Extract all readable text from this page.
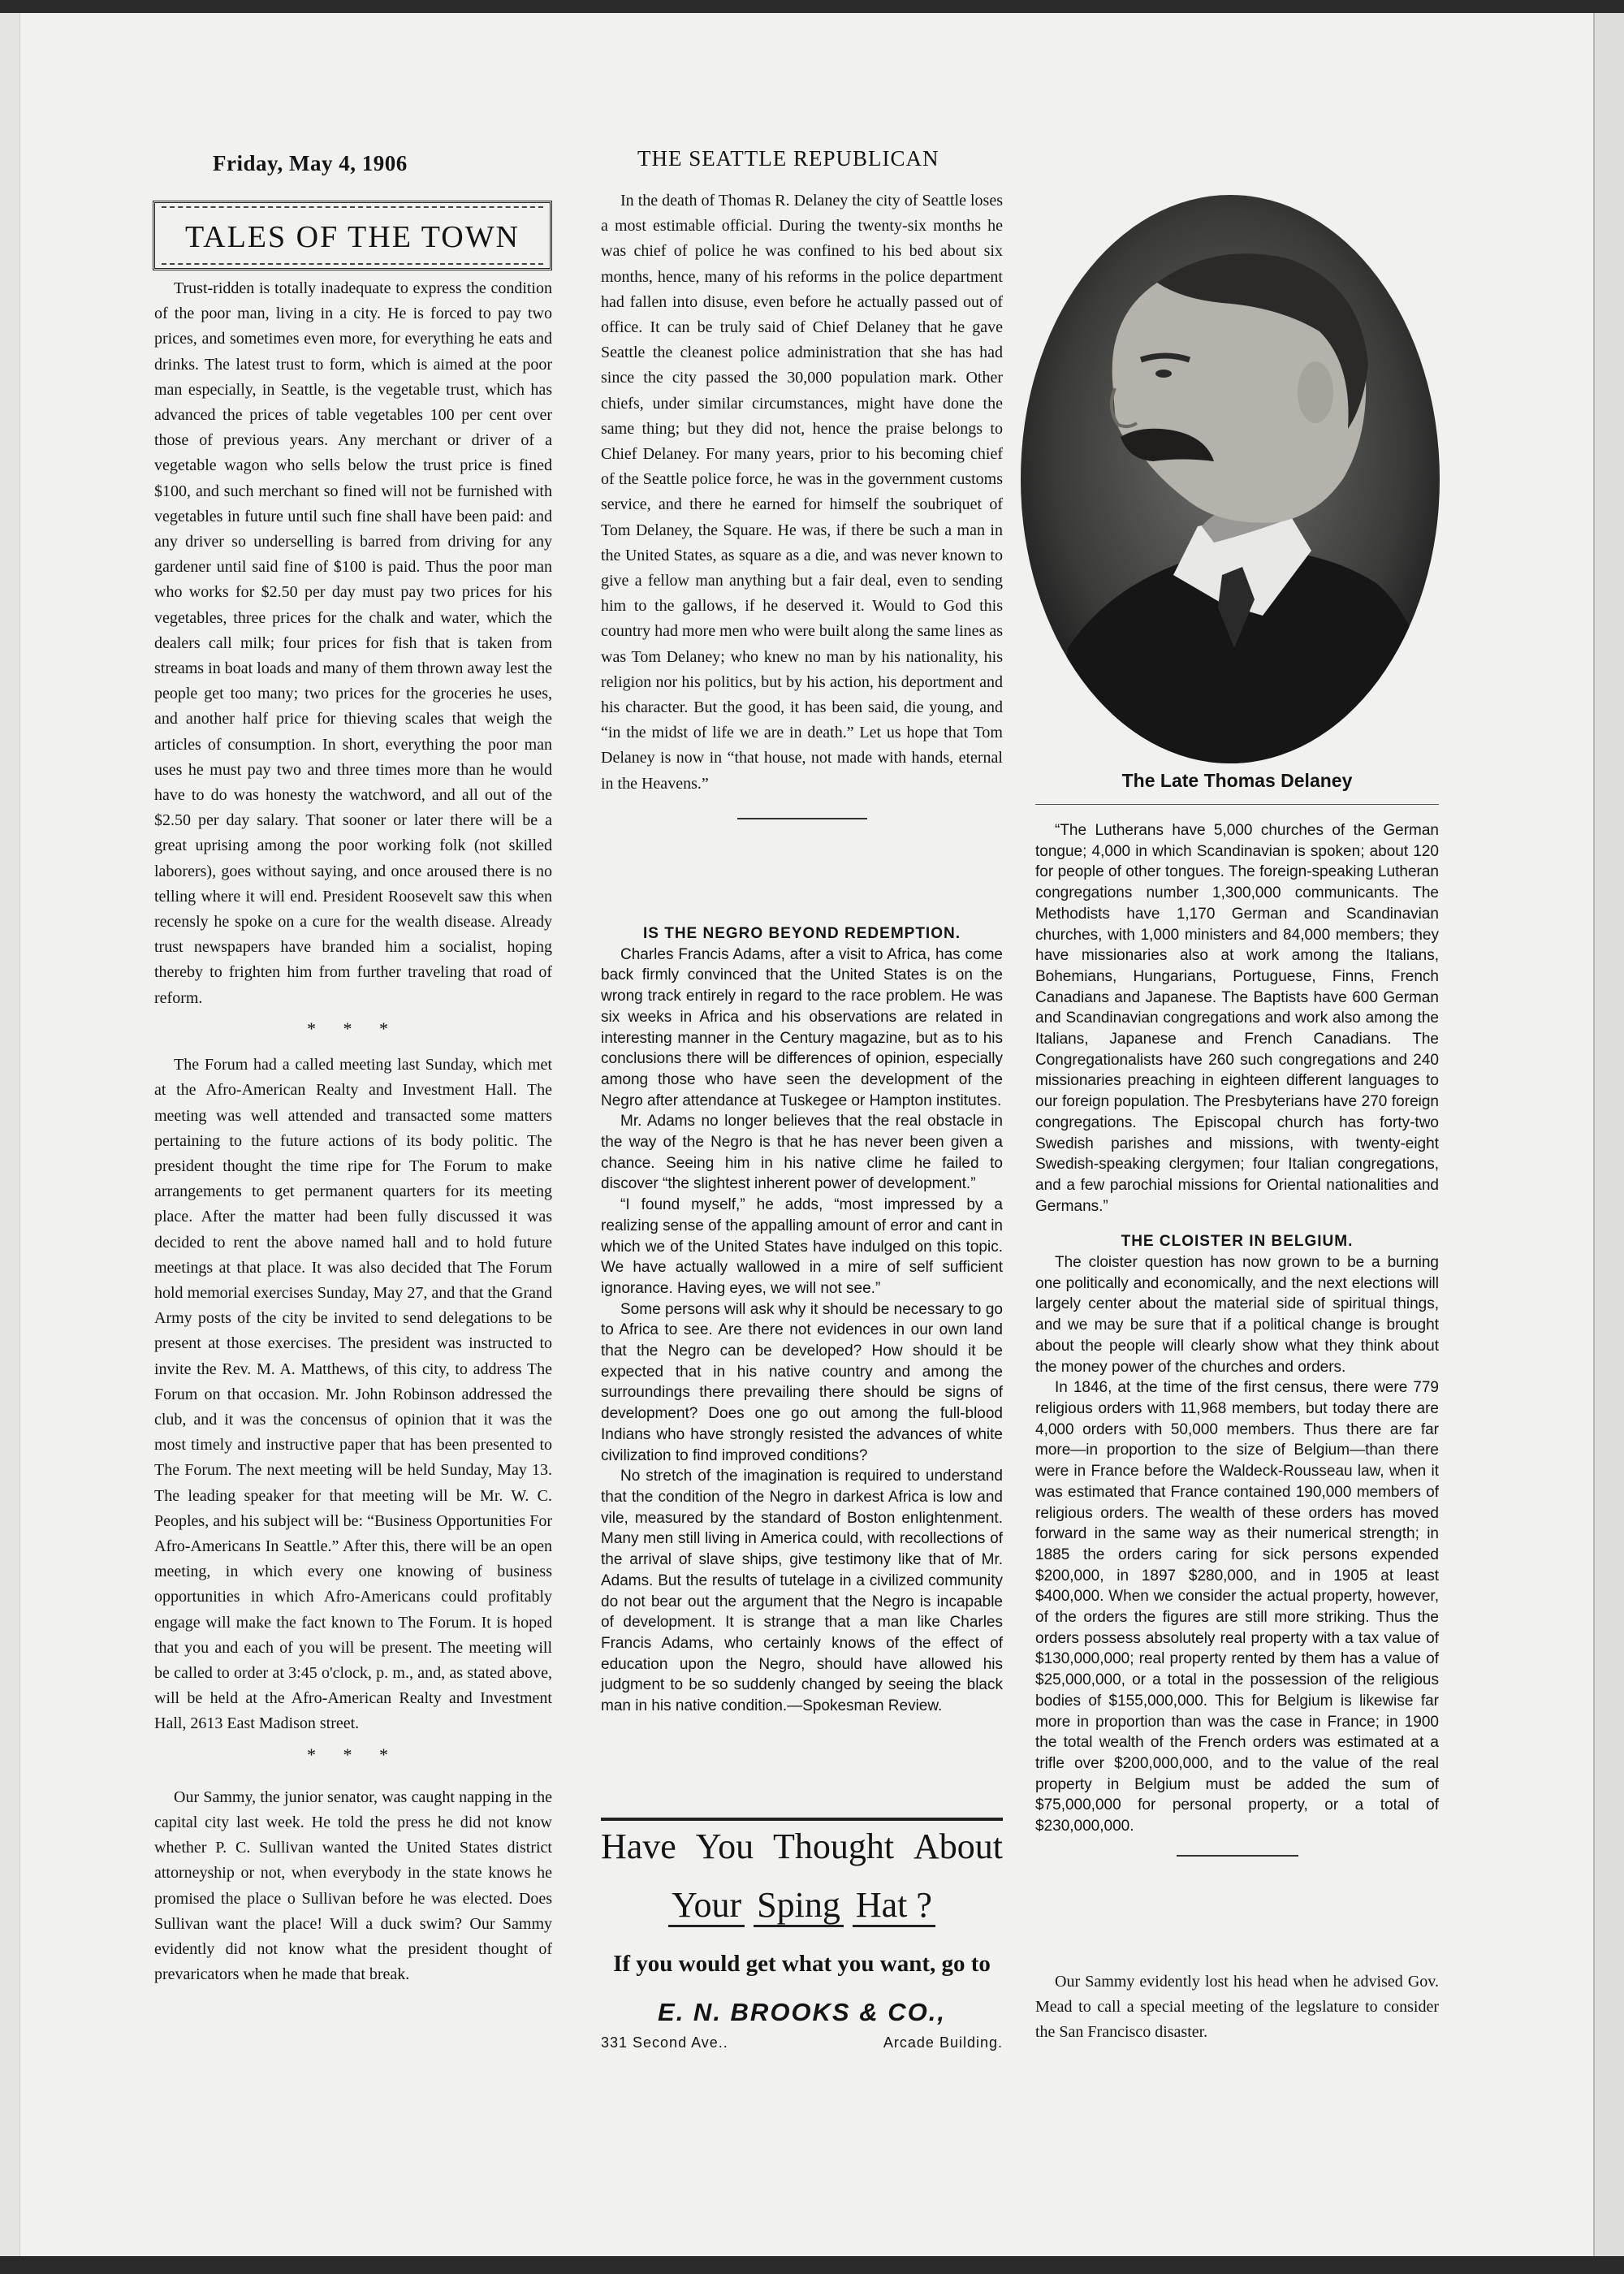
Friday, May 4, 1906	THE SEATTLE REPUBLICAN
TALES OF THE TOWN

Trust-ridden is totally inadequate to express the condition of the poor man, living in a city. He is forced to pay two prices, and sometimes even more, for everything he eats and drinks. The latest trust to form, which is aimed at the poor man especially, in Seattle, is the vegetable trust, which has advanced the prices of table vegetables 100 per cent over those of previous years. Any merchant or driver of a vegetable wagon who sells below the trust price is fined $100, and such merchant so fined will not be furnished with vegetables in future until such fine shall have been paid: and any driver so underselling is barred from driving for any gardener until said fine of $100 is paid. Thus the poor man who works for $2.50 per day must pay two prices for his vegetables, three prices for the chalk and water, which the dealers call milk; four prices for fish that is taken from streams in boat loads and many of them thrown away lest the people get too many; two prices for the groceries he uses, and another half price for thieving scales that weigh the articles of consumption. In short, everything the poor man uses he must pay two and three times more than he would have to do was honesty the watchword, and all out of the $2.50 per day salary. That sooner or later there will be a great uprising among the poor working folk (not skilled laborers), goes without saying, and once aroused there is no telling where it will end. President Roosevelt saw this when recensly he spoke on a cure for the wealth disease. Already trust newspapers have branded him a socialist, hoping thereby to frighten him from further traveling that road of reform.

* * *

The Forum had a called meeting last Sunday, which met at the Afro-American Realty and Investment Hall. The meeting was well attended and transacted some matters pertaining to the future actions of its body politic. The president thought the time ripe for The Forum to make arrangements to get permanent quarters for its meeting place. After the matter had been fully discussed it was decided to rent the above named hall and to hold future meetings at that place. It was also decided that The Forum hold memorial exercises Sunday, May 27, and that the Grand Army posts of the city be invited to send delegations to be present at those exercises. The president was instructed to invite the Rev. M. A. Matthews, of this city, to address The Forum on that occasion. Mr. John Robinson addressed the club, and it was the concensus of opinion that it was the most timely and instructive paper that has been presented to The Forum. The next meeting will be held Sunday, May 13. The leading speaker for that meeting will be Mr. W. C. Peoples, and his subject will be: “Business Opportunities For Afro-Americans In Seattle.” After this, there will be an open meeting, in which every one knowing of business opportunities in which Afro-Americans could profitably engage will make the fact known to The Forum. It is hoped that you and each of you will be present. The meeting will be called to order at 3:45 o'clock, p. m., and, as stated above, will be held at the Afro-American Realty and Investment Hall, 2613 East Madison street.

* * *

Our Sammy, the junior senator, was caught napping in the capital city last week. He told the press he did not know whether P. C. Sullivan wanted the United States district attorneyship or not, when everybody in the state knows he promised the place o Sullivan before he was elected. Does Sullivan want the place! Will a duck swim? Our Sammy evidently did not know what the president thought of prevaricators when he made that break.

In the death of Thomas R. Delaney the city of Seattle loses a most estimable official. During the twenty-six months he was chief of police he was confined to his bed about six months, hence, many of his reforms in the police department had fallen into disuse, even before he actually passed out of office. It can be truly said of Chief Delaney that he gave Seattle the cleanest police administration that she has had since the city passed the 30,000 population mark. Other chiefs, under similar circumstances, might have done the same thing; but they did not, hence the praise belongs to Chief Delaney. For many years, prior to his becoming chief of the Seattle police force, he was in the government customs service, and there he earned for himself the soubriquet of Tom Delaney, the Square. He was, if there be such a man in the United States, as square as a die, and was never known to give a fellow man anything but a fair deal, even to sending him to the gallows, if he deserved it. Would to God this country had more men who were built along the same lines as was Tom Delaney; who knew no man by his nationality, his religion nor his politics, but by his action, his deportment and his character. But the good, it has been said, die young, and “in the midst of life we are in death.” Let us hope that Tom Delaney is now in “that house, not made with hands, eternal in the Heavens.”

IS THE NEGRO BEYOND REDEMPTION.

Charles Francis Adams, after a visit to Africa, has come back firmly convinced that the United States is on the wrong track entirely in regard to the race problem. He was six weeks in Africa and his observations are related in interesting manner in the Century magazine, but as to his conclusions there will be differences of opinion, especially among those who have seen the development of the Negro after attendance at Tuskegee or Hampton institutes.

Mr. Adams no longer believes that the real obstacle in the way of the Negro is that he has never been given a chance. Seeing him in his native clime he failed to discover “the slightest inherent power of development.”

“I found myself,” he adds, “most impressed by a realizing sense of the appalling amount of error and cant in which we of the United States have indulged on this topic. We have actually wallowed in a mire of self sufficient ignorance. Having eyes, we will not see.”

Some persons will ask why it should be necessary to go to Africa to see. Are there not evidences in our own land that the Negro can be developed? How should it be expected that in his native country and among the surroundings there prevailing there should be signs of development? Does one go out among the full-blood Indians who have strongly resisted the advances of white civilization to find improved conditions?

No stretch of the imagination is required to understand that the condition of the Negro in darkest Africa is low and vile, measured by the standard of Boston enlightenment. Many men still living in America could, with recollections of the arrival of slave ships, give testimony like that of Mr. Adams. But the results of tutelage in a civilized community do not bear out the argument that the Negro is incapable of development. It is strange that a man like Charles Francis Adams, who certainly knows of the effect of education upon the Negro, should have allowed his judgment to be so suddenly changed by seeing the black man in his native condition.—Spokesman Review.

Have You Thought About
Your Sping Hat ?
If you would get what you want, go to
E. N. BROOKS & CO.,
331 Second Ave..	Arcade Building.
The Late Thomas Delaney

“The Lutherans have 5,000 churches of the German tongue; 4,000 in which Scandinavian is spoken; about 120 for people of other tongues. The foreign-speaking Lutheran congregations number 1,300,000 communicants. The Methodists have 1,170 German and Scandinavian churches, with 1,000 ministers and 84,000 members; they have missionaries also at work among the Italians, Bohemians, Hungarians, Portuguese, Finns, French Canadians and Japanese. The Baptists have 600 German and Scandinavian congregations and work also among the Italians, Japanese and French Canadians. The Congregationalists have 260 such congregations and 240 missionaries preaching in eighteen different languages to our foreign population. The Presbyterians have 270 foreign congregations. The Episcopal church has forty-two Swedish parishes and missions, with twenty-eight Swedish-speaking clergymen; four Italian congregations, and a few parochial missions for Oriental nationalities and Germans.”

THE CLOISTER IN BELGIUM.

The cloister question has now grown to be a burning one politically and economically, and the next elections will largely center about the material side of spiritual things, and we may be sure that if a political change is brought about the people will clearly show what they think about the money power of the churches and orders.

In 1846, at the time of the first census, there were 779 religious orders with 11,968 members, but today there are 4,000 orders with 50,000 members. Thus there are far more—in proportion to the size of Belgium—than there were in France before the Waldeck-Rousseau law, when it was estimated that France contained 190,000 members of religious orders. The wealth of these orders has moved forward in the same way as their numerical strength; in 1885 the orders caring for sick persons expended $200,000, in 1897 $280,000, and in 1905 at least $400,000. When we consider the actual property, however, of the orders the figures are still more striking. Thus the orders possess absolutely real property with a tax value of $130,000,000; real property rented by them has a value of $25,000,000, or a total in the possession of the religious bodies of $155,000,000. This for Belgium is likewise far more in proportion than was the case in France; in 1900 the total wealth of the French orders was estimated at a trifle over $200,000,000, and to the value of the real property in Belgium must be added the sum of $75,000,000 for personal property, or a total of $230,000,000.

Our Sammy evidently lost his head when he advised Gov. Mead to call a special meeting of the legslature to consider the San Francisco disaster.
